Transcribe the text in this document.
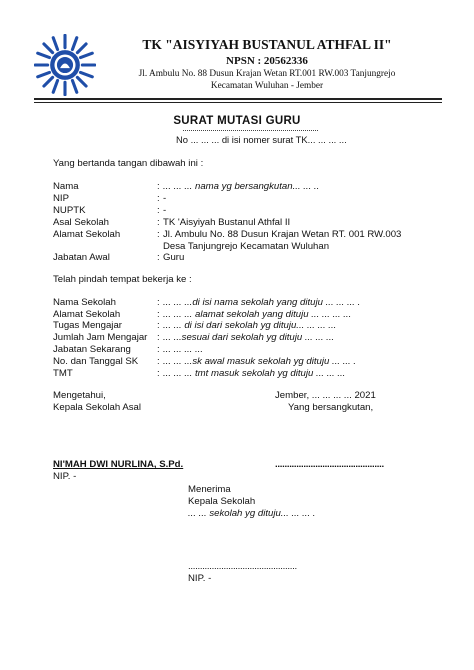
TK "AISYIYAH BUSTANUL ATHFAL II"
NPSN : 20562336
Jl. Ambulu No. 88 Dusun Krajan Wetan RT.001 RW.003 Tanjungrejo
Kecamatan Wuluhan - Jember
SURAT MUTASI GURU
No ... ... ... di isi nomer surat TK... ... ... ...
Yang bertanda tangan dibawah ini :
Nama	: ... ... ... nama yg bersangkutan... ... ..
NIP	: -
NUPTK	: -
Asal Sekolah	: TK 'Aisyiyah Bustanul Athfal II
Alamat Sekolah	: Jl. Ambulu No. 88 Dusun Krajan Wetan RT. 001 RW.003
Desa Tanjungrejo Kecamatan Wuluhan
Jabatan Awal	: Guru
Telah pindah tempat bekerja ke :
Nama Sekolah	: ... ... ...di isi nama sekolah yang dituju ... ... ... .
Alamat Sekolah	: ... ... ... alamat sekolah yang dituju ... ... ... ...
Tugas Mengajar	: ... ... di isi dari sekolah yg dituju... ... ... ...
Jumlah Jam Mengajar : ... ...sesuai dari sekolah yg dituju ... ... ...
Jabatan Sekarang	: ... ... ... ...
No. dan Tanggal SK : ... ... ...sk awal masuk sekolah yg dituju ... ... .
TMT	: ... ... ... tmt masuk sekolah yg dituju ... ... ...
Mengetahui,
Kepala Sekolah Asal
Jember, ... ... ... ... 2021
Yang bersangkutan,
NI'MAH DWI NURLINA, S.Pd.	..............................................
NIP. -
Menerima
Kepala Sekolah
... ... sekolah yg dituju... ... ... .
..............................................
NIP. -
